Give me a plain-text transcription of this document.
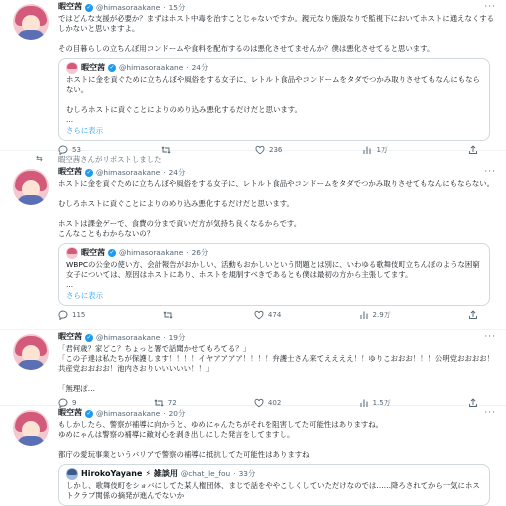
暇空茜 ✓ @himasoraakane · 15分	···
ではどんな支援が必要か？まずはホスト中毒を治すことじゃないですか。親元なり施設なりで監視下においてホストに通えなくするしかないと思いますよ。

その目暮らしの立ちんぼ用コンドームや食料を配布するのは悪化させてませんか？僕は悪化させてると思います。
暇空茜 ✓ @himasoraakane · 24分
ホストに金を貢ぐために立ちんぼや風俗をする女子に、レトルト食品やコンドームをタダでつかみ取りさせてもなんにもならない。

むしろホストに貢ぐことによりのめり込み悪化するだけだと思います。
...
さらに表示
53	236	1万
⇆ 暇空茜さんがリポストしました
暇空茜 ✓ @himasoraakane · 24分	···
ホストに金を貢ぐために立ちんぼや風俗をする女子に、レトルト食品やコンドームをタダでつかみ取りさせてもなんにもならない。

むしろホストに貢ぐことによりのめり込み悪化するだけだと思います。

ホストは課金ゲーで、食費の分まで貢いだ方が気持ち良くなるからです。
こんなこともわからないの？
暇空茜 ✓ @himasoraakane · 26分
WBPCの公金の使い方、会計報告がおかしい、活動もおかしいという問題とは別に、いわゆる歌舞伎町立ちんぼのような困窮女子については、原因はホストにあり、ホストを規制すべきであるとも僕は最初の方から主張してます。
...
さらに表示
115	474	2.9万
暇空茜 ✓ @himasoraakane · 19分	···
「君何歳？家どこ？ちょっと署で話聞かせてもろてる？」
「この子達は私たちが保護します！！！！イヤアアアア！！！！弁護士さん来てええええ！！ゆりこおおお！！！公明党おおおお！共産党おおおお！池内さおりいいいいい！！」

「無理ぽ…
9	72	402	1.5万
暇空茜 ✓ @himasoraakane · 20分	···
もしかしたら、警察が補導に向かうと、ゆめにゃんたちがそれを阻害してた可能性はありますね。
ゆめにゃんは警察の補導に敵対心を剥き出しにした発言をしてますし。

都庁の愛玩事業というバリアで警察の補導に抵抗してた可能性はありますね
HirokoYayane ⚡ 雑談用 @chat_le_fou · 33分
しかし、歌舞伎町をショバにしてた某人権団体、まじで話をややこしくしていただけなのでは……降ろされてから一気にホストクラブ関係の摘発が進んでないか
